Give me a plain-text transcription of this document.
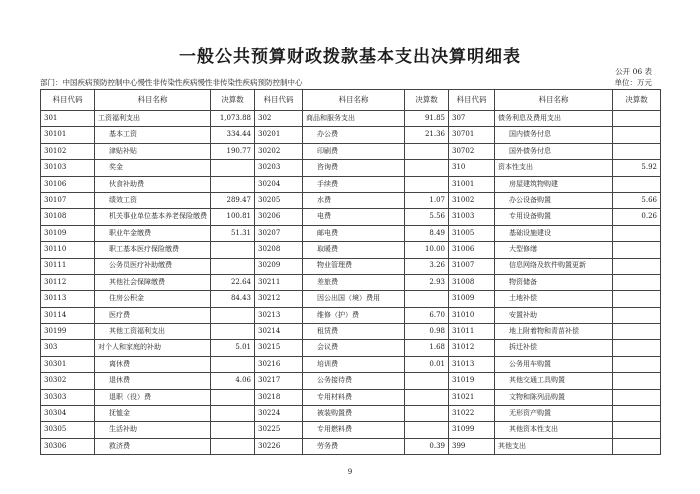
一般公共预算财政拨款基本支出决算明细表
公开 06 表
部门：中国疾病预防控制中心慢性非传染性疾病慢性非传染性疾病预防控制中心	单位：万元
科目代码	科目名称	决算数	科目代码	科目名称	决算数	科目代码	科目名称	决算数
301	工资福利支出	1,073.88	302	商品和服务支出	91.85	307	债务利息及费用支出	
30101	基本工资	334.44	30201	办公费	21.36	30701	国内债务付息	
30102	津贴补贴	190.77	30202	印刷费		30702	国外债务付息	
30103	奖金		30203	咨询费		310	资本性支出	5.92
30106	伙食补助费		30204	手续费		31001	房屋建筑物购建	
30107	绩效工资	289.47	30205	水费	1.07	31002	办公设备购置	5.66
30108	机关事业单位基本养老保险缴费	100.81	30206	电费	5.56	31003	专用设备购置	0.26
30109	职业年金缴费	51.31	30207	邮电费	8.49	31005	基础设施建设	
30110	职工基本医疗保险缴费		30208	取暖费	10.00	31006	大型修缮	
30111	公务员医疗补助缴费		30209	物业管理费	3.26	31007	信息网络及软件购置更新	
30112	其他社会保障缴费	22.64	30211	差旅费	2.93	31008	物资储备	
30113	住房公积金	84.43	30212	因公出国（境）费用		31009	土地补偿	
30114	医疗费		30213	维修（护）费	6.70	31010	安置补助	
30199	其他工资福利支出		30214	租赁费	0.98	31011	地上附着物和青苗补偿	
303	对个人和家庭的补助	5.01	30215	会议费	1.68	31012	拆迁补偿	
30301	离休费		30216	培训费	0.01	31013	公务用车购置	
30302	退休费	4.06	30217	公务接待费		31019	其他交通工具购置	
30303	退职（役）费		30218	专用材料费		31021	文物和陈列品购置	
30304	抚恤金		30224	被装购置费		31022	无形资产购置	
30305	生活补助		30225	专用燃料费		31099	其他资本性支出	
30306	救济费		30226	劳务费	0.39	399	其他支出	
9
